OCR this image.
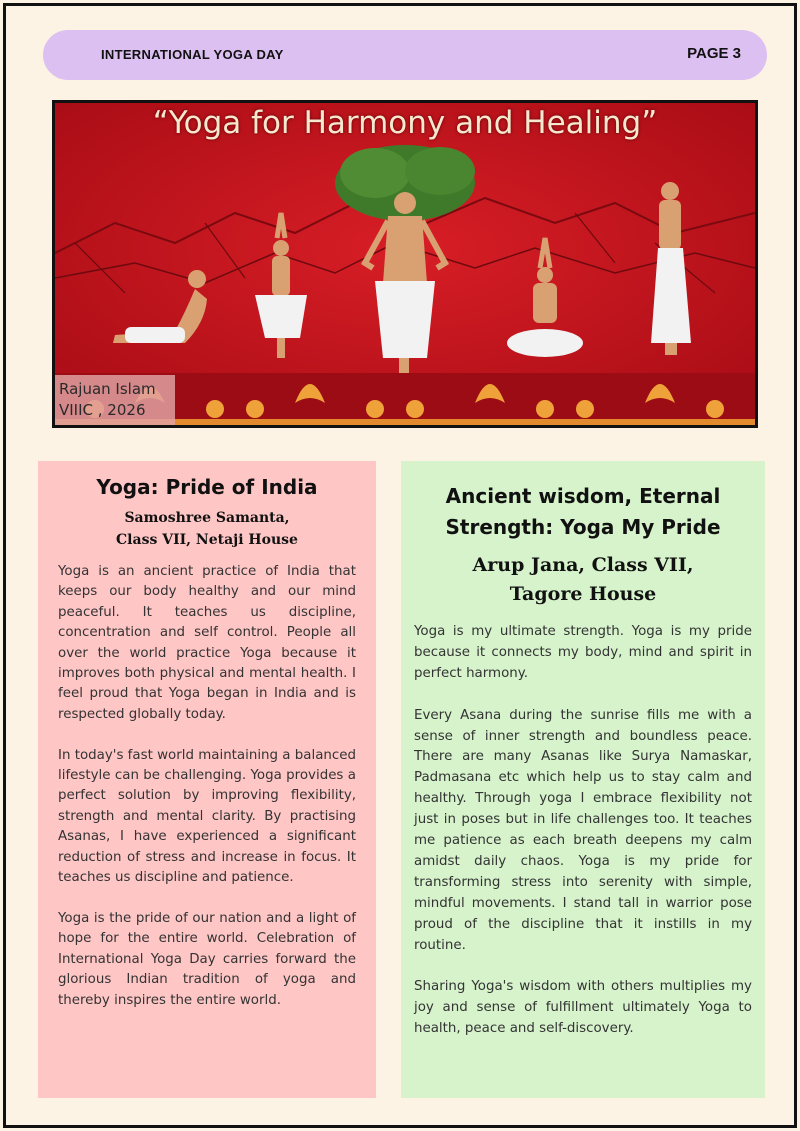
INTERNATIONAL YOGA DAY	PAGE 3
“Yoga for Harmony and Healing”
Rajuan Islam
VIIIC , 2026
Yoga: Pride of India
Samoshree Samanta,
Class VII, Netaji House

Yoga is an ancient practice of India that keeps our body healthy and our mind peaceful. It teaches us discipline, concentration and self control. People all over the world practice Yoga because it improves both physical and mental health. I feel proud that Yoga began in India and is respected globally today.

In today's fast world maintaining a balanced lifestyle can be challenging. Yoga provides a perfect solution by improving flexibility, strength and mental clarity. By practising Asanas, I have experienced a significant reduction of stress and increase in focus. It teaches us discipline and patience.

Yoga is the pride of our nation and a light of hope for the entire world. Celebration of International Yoga Day carries forward the glorious Indian tradition of yoga and thereby inspires the entire world.

Ancient wisdom, Eternal
Strength: Yoga My Pride
Arup Jana, Class VII,
Tagore House

Yoga is my ultimate strength. Yoga is my pride because it connects my body, mind and spirit in perfect harmony.

Every Asana during the sunrise fills me with a sense of inner strength and boundless peace. There are many Asanas like Surya Namaskar, Padmasana etc which help us to stay calm and healthy. Through yoga I embrace flexibility not just in poses but in life challenges too. It teaches me patience as each breath deepens my calm amidst daily chaos. Yoga is my pride for transforming stress into serenity with simple, mindful movements. I stand tall in warrior pose proud of the discipline that it instills in my routine.

Sharing Yoga's wisdom with others multiplies my joy and sense of fulfillment ultimately Yoga to health, peace and self-discovery.
